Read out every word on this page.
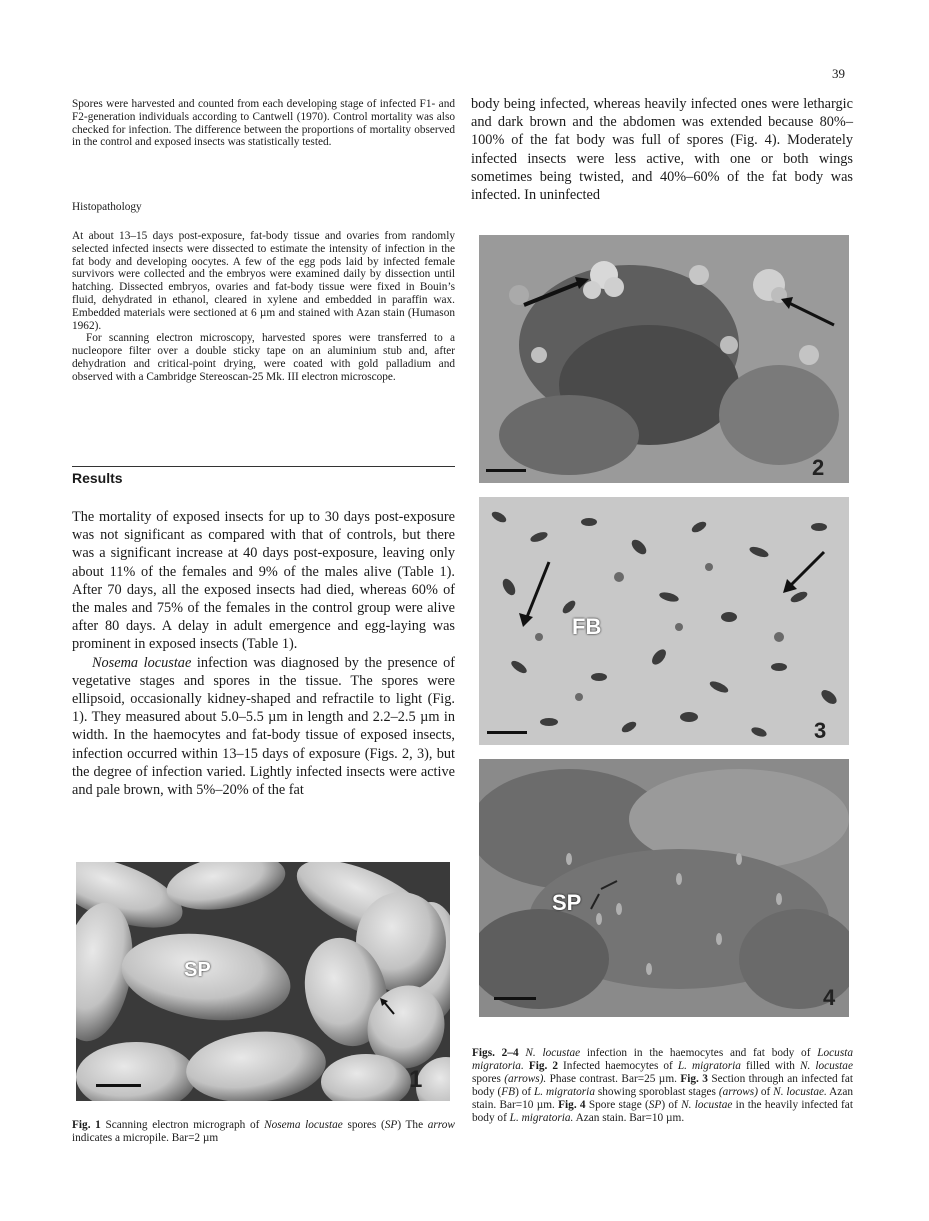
39

Spores were harvested and counted from each developing stage of infected F1- and F2-generation individuals according to Cantwell (1970). Control mortality was also checked for infection. The difference between the proportions of mortality observed in the control and exposed insects was statistically tested.

Histopathology

At about 13–15 days post-exposure, fat-body tissue and ovaries from randomly selected infected insects were dissected to estimate the intensity of infection in the fat body and developing oocytes. A few of the egg pods laid by infected female survivors were collected and the embryos were examined daily by dissection until hatching. Dissected embryos, ovaries and fat-body tissue were fixed in Bouin’s fluid, dehydrated in ethanol, cleared in xylene and embedded in paraffin wax. Embedded materials were sectioned at 6 µm and stained with Azan stain (Humason 1962).

For scanning electron microscopy, harvested spores were transferred to a nucleopore filter over a double sticky tape on an aluminium stub and, after dehydration and critical-point drying, were coated with gold palladium and observed with a Cambridge Stereoscan-25 Mk. III electron microscope.

Results

The mortality of exposed insects for up to 30 days post-exposure was not significant as compared with that of controls, but there was a significant increase at 40 days post-exposure, leaving only about 11% of the females and 9% of the males alive (Table 1). After 70 days, all the exposed insects had died, whereas 60% of the males and 75% of the females in the control group were alive after 80 days. A delay in adult emergence and egg-laying was prominent in exposed insects (Table 1).

Nosema locustae infection was diagnosed by the presence of vegetative stages and spores in the tissue. The spores were ellipsoid, occasionally kidney-shaped and refractile to light (Fig. 1). They measured about 5.0–5.5 µm in length and 2.2–2.5 µm in width. In the haemocytes and fat-body tissue of exposed insects, infection occurred within 13–15 days of exposure (Figs. 2, 3), but the degree of infection varied. Lightly infected insects were active and pale brown, with 5%–20% of the fat

body being infected, whereas heavily infected ones were lethargic and dark brown and the abdomen was extended because 80%–100% of the fat body was full of spores (Fig. 4). Moderately infected insects were less active, with one or both wings sometimes being twisted, and 40%–60% of the fat body was infected. In uninfected

SP
1
2
FB
3
SP
4
Fig. 1 Scanning electron micrograph of Nosema locustae spores (SP) The arrow indicates a micropile. Bar=2 µm
Figs. 2–4 N. locustae infection in the haemocytes and fat body of Locusta migratoria. Fig. 2 Infected haemocytes of L. migratoria filled with N. locustae spores (arrows). Phase contrast. Bar=25 µm. Fig. 3 Section through an infected fat body (FB) of L. migratoria showing sporoblast stages (arrows) of N. locustae. Azan stain. Bar=10 µm. Fig. 4 Spore stage (SP) of N. locustae in the heavily infected fat body of L. migratoria. Azan stain. Bar=10 µm.
